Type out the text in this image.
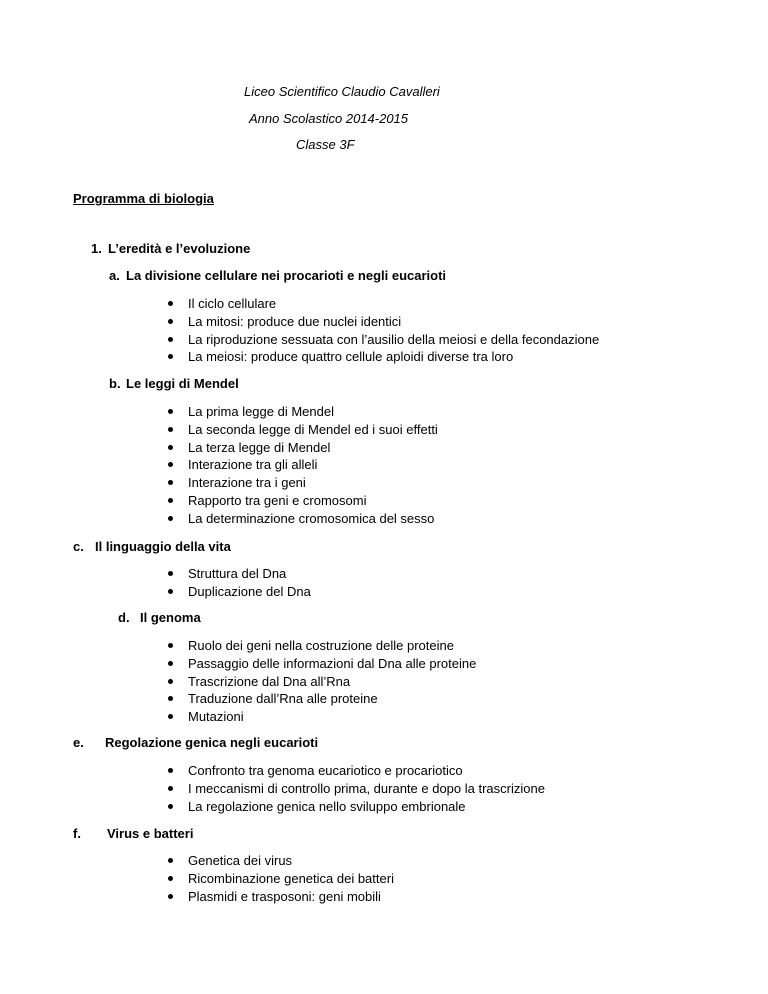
Liceo Scientifico Claudio Cavalleri
Anno Scolastico 2014-2015
Classe 3F
Programma di biologia
1. L’eredità e l’evoluzione
a. La divisione cellulare nei procarioti e negli eucarioti
Il ciclo cellulare
La mitosi: produce due nuclei identici
La riproduzione sessuata con l’ausilio della meiosi e della fecondazione
La meiosi: produce quattro cellule aploidi diverse tra loro
b. Le leggi di Mendel
La prima legge di Mendel
La seconda legge di Mendel ed i suoi effetti
La terza legge di Mendel
Interazione tra gli alleli
Interazione tra i geni
Rapporto tra geni e cromosomi
La determinazione cromosomica del sesso
c. Il linguaggio della vita
Struttura del Dna
Duplicazione del Dna
d. Il genoma
Ruolo dei geni nella costruzione delle proteine
Passaggio delle informazioni dal Dna alle proteine
Trascrizione dal Dna all’Rna
Traduzione dall’Rna alle proteine
Mutazioni
e. Regolazione genica negli eucarioti
Confronto tra genoma eucariotico e procariotico
I meccanismi di controllo prima, durante e dopo la trascrizione
La regolazione genica nello sviluppo embrionale
f. Virus e batteri
Genetica dei virus
Ricombinazione genetica dei batteri
Plasmidi e trasposoni: geni mobili
